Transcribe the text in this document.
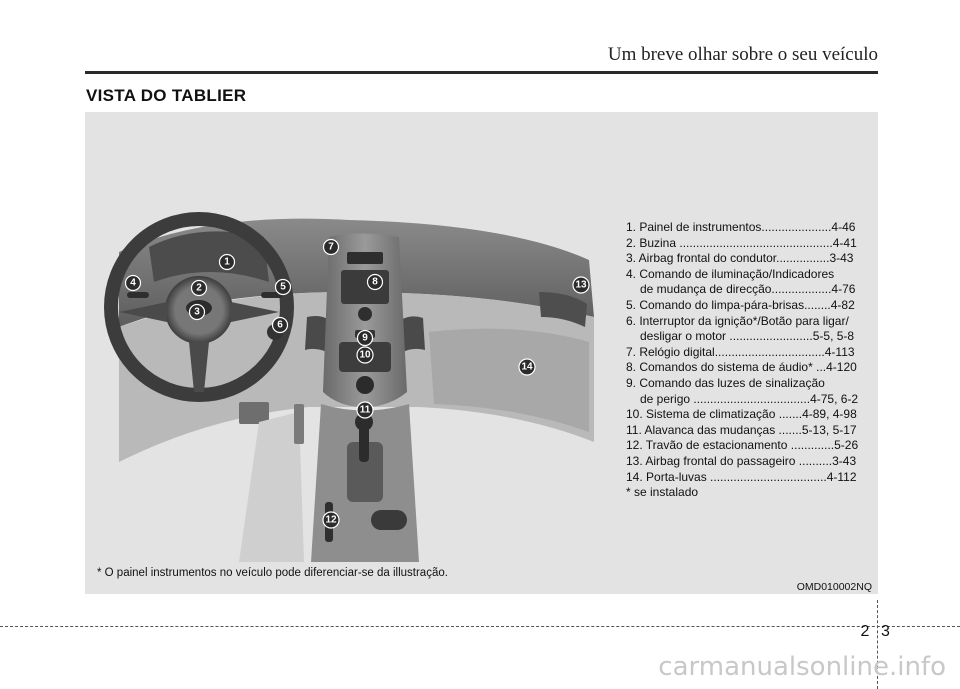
Um breve olhar sobre o seu veículo
VISTA DO TABLIER
1
2
3
4	5
6
7
8
9
10
11
12
13
14
1. Painel de instrumentos.....................4-46
2. Buzina ..............................................4-41
3. Airbag frontal do condutor................3-43
4. Comando de iluminação/Indicadores
de mudança de direcção..................4-76
5. Comando do limpa-pára-brisas........4-82
6. Interruptor da ignição*/Botão para ligar/
desligar o motor .........................5-5, 5-8
7. Relógio digital.................................4-113
8. Comandos do sistema de áudio* ...4-120
9. Comando das luzes de sinalização
de perigo ...................................4-75, 6-2
10. Sistema de climatização .......4-89, 4-98
11. Alavanca das mudanças .......5-13, 5-17
12. Travão de estacionamento .............5-26
13. Airbag frontal do passageiro ..........3-43
14. Porta-luvas ...................................4-112
* se instalado
* O painel instrumentos no veículo pode diferenciar-se da illustração.
OMD010002NQ
2 3
carmanualsonline.info
